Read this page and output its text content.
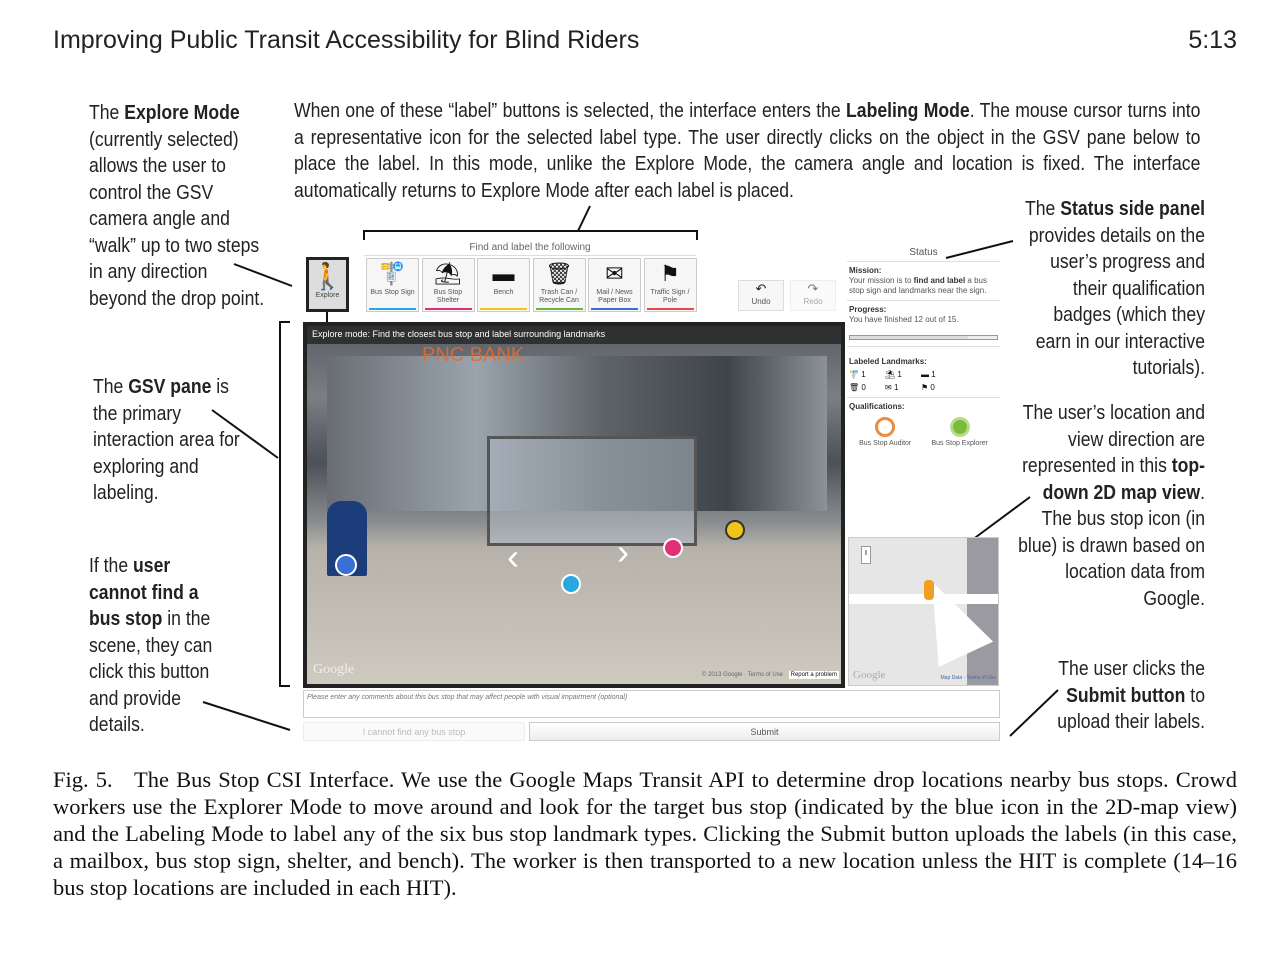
Improving Public Transit Accessibility for Blind Riders	5:13
The Explore Mode (currently selected) allows the user to control the GSV camera angle and “walk” up to two steps in any direction beyond the drop point.
When one of these “label” buttons is selected, the interface enters the Labeling Mode. The mouse cursor turns into a representative icon for the selected label type. The user directly clicks on the object in the GSV pane below to place the label. In this mode, unlike the Explore Mode, the camera angle and location is fixed. The interface automatically returns to Explore Mode after each label is placed.
The GSV pane is the primary interaction area for exploring and labeling.
If the user cannot find a bus stop in the scene, they can click this button and provide details.
The Status side panel provides details on the user’s progress and their qualification badges (which they earn in our interactive tutorials).
The user’s location and view direction are represented in this top-down 2D map view. The bus stop icon (in blue) is drawn based on location data from Google.
The user clicks the Submit button to upload their labels.
🚶
Explore
Find and label the following
🚏
Bus Stop Sign
⛱
Bus Stop Shelter
▬
Bench
🗑
Trash Can / Recycle Can
✉
Mail / News Paper Box
⚑
Traffic Sign / Pole
↶
Undo
↷
Redo
Explore mode: Find the closest bus stop and label surrounding landmarks
PNC BANK
‹	›
Google	© 2013 Google · Terms of Use	Report a problem
Status
Mission:
Your mission is to find and label a bus stop sign and landmarks near the sign.
Progress:
You have finished 12 out of 15.
Labeled Landmarks:
🚏 1	⛱ 1	▬ 1
🗑 0	✉ 1	⚑ 0
Qualifications:
Bus Stop Auditor	Bus Stop Explorer
ı
Google	Map Data · Terms of Use
Please enter any comments about this bus stop that may affect people with visual impairment (optional)
I cannot find any bus stop	Submit
Fig. 5. The Bus Stop CSI Interface. We use the Google Maps Transit API to determine drop locations nearby bus stops. Crowd workers use the Explorer Mode to move around and look for the target bus stop (indicated by the blue icon in the 2D-map view) and the Labeling Mode to label any of the six bus stop landmark types. Clicking the Submit button uploads the labels (in this case, a mailbox, bus stop sign, shelter, and bench). The worker is then transported to a new location unless the HIT is complete (14–16 bus stop locations are included in each HIT).
